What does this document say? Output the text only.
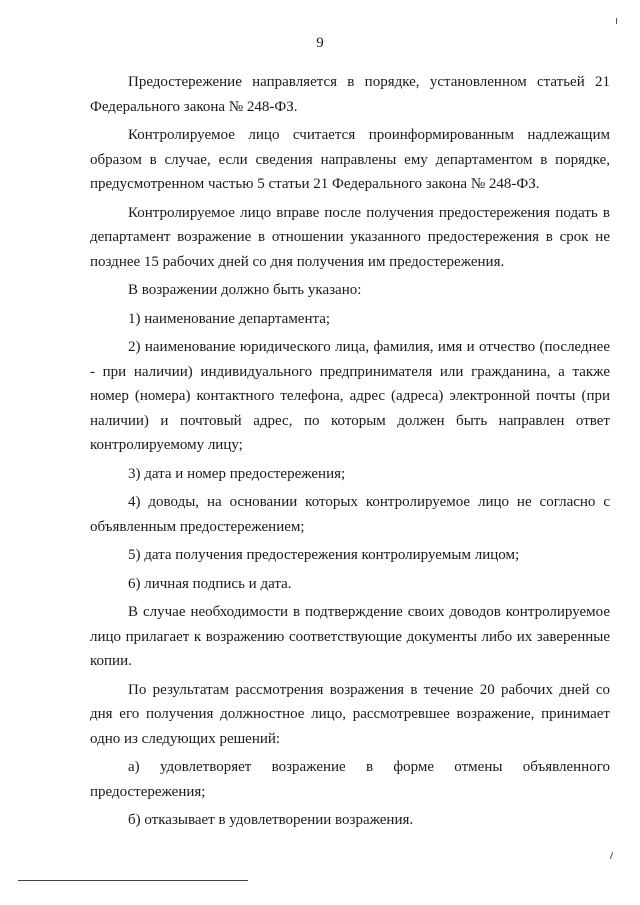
9

Предостережение направляется в порядке, установленном статьей 21 Федерального закона № 248-ФЗ.

Контролируемое лицо считается проинформированным надлежащим образом в случае, если сведения направлены ему департаментом в порядке, предусмотренном частью 5 статьи 21 Федерального закона № 248-ФЗ.

Контролируемое лицо вправе после получения предостережения подать в департамент возражение в отношении указанного предостережения в срок не позднее 15 рабочих дней со дня получения им предостережения.

В возражении должно быть указано:

1) наименование департамента;

2) наименование юридического лица, фамилия, имя и отчество (последнее - при наличии) индивидуального предпринимателя или гражданина, а также номер (номера) контактного телефона, адрес (адреса) электронной почты (при наличии) и почтовый адрес, по которым должен быть направлен ответ контролируемому лицу;

3) дата и номер предостережения;

4) доводы, на основании которых контролируемое лицо не согласно с объявленным предостережением;

5) дата получения предостережения контролируемым лицом;

6) личная подпись и дата.

В случае необходимости в подтверждение своих доводов контролируемое лицо прилагает к возражению соответствующие документы либо их заверенные копии.

По результатам рассмотрения возражения в течение 20 рабочих дней со дня его получения должностное лицо, рассмотревшее возражение, принимает одно из следующих решений:

а) удовлетворяет возражение в форме отмены объявленного предостережения;

б) отказывает в удовлетворении возражения.
